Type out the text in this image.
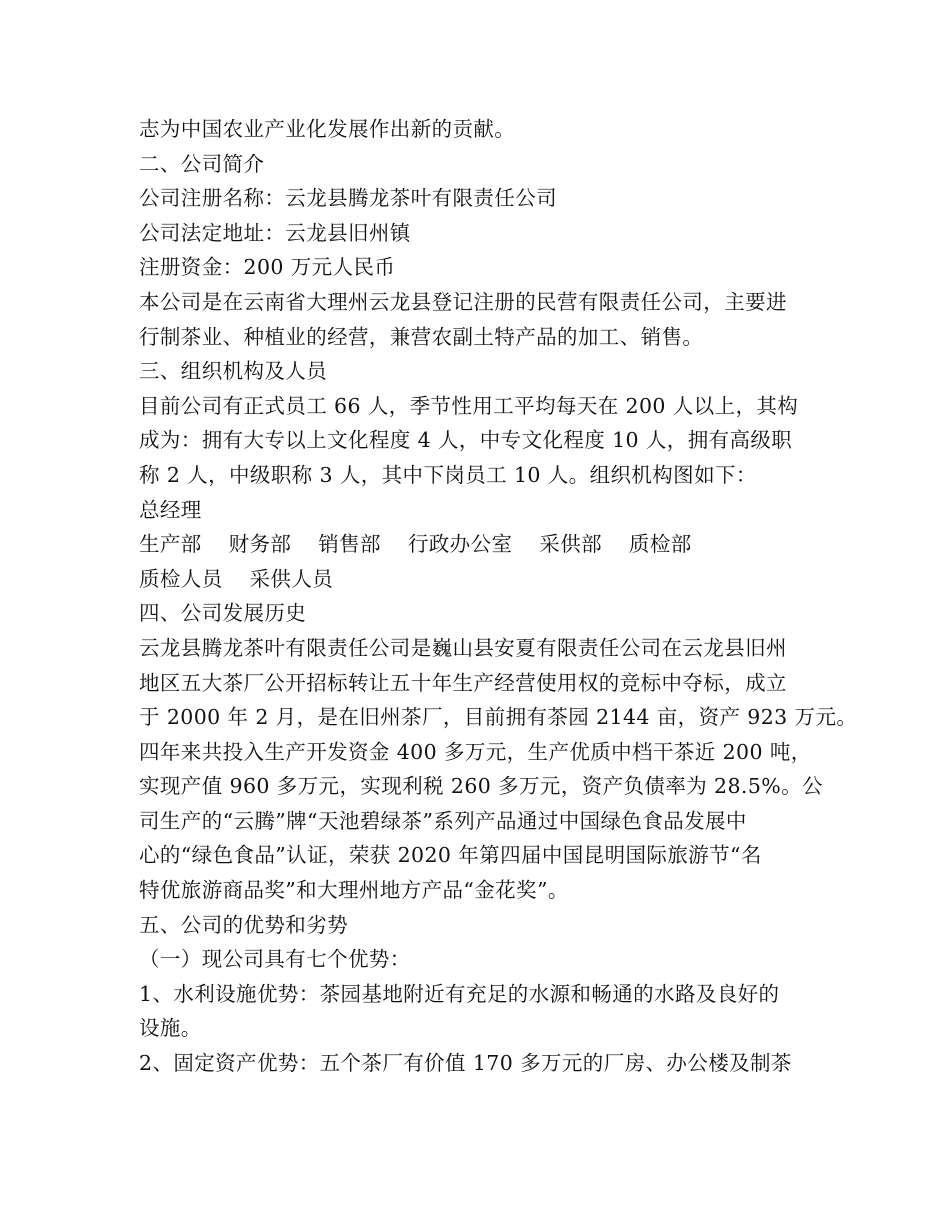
志为中国农业产业化发展作出新的贡献。
二、公司简介
公司注册名称：云龙县腾龙茶叶有限责任公司
公司法定地址：云龙县旧州镇
注册资金：200 万元人民币
本公司是在云南省大理州云龙县登记注册的民营有限责任公司，主要进
行制茶业、种植业的经营，兼营农副土特产品的加工、销售。
三、组织机构及人员
目前公司有正式员工 66 人，季节性用工平均每天在 200 人以上，其构
成为：拥有大专以上文化程度 4 人，中专文化程度 10 人，拥有高级职
称 2 人，中级职称 3 人，其中下岗员工 10 人。组织机构图如下：
总经理
生产部 财务部 销售部 行政办公室 采供部 质检部
质检人员 采供人员
四、公司发展历史
云龙县腾龙茶叶有限责任公司是巍山县安夏有限责任公司在云龙县旧州
地区五大茶厂公开招标转让五十年生产经营使用权的竞标中夺标，成立
于 2000 年 2 月，是在旧州茶厂，目前拥有茶园 2144 亩，资产 923 万元。
四年来共投入生产开发资金 400 多万元，生产优质中档干茶近 200 吨，
实现产值 960 多万元，实现利税 260 多万元，资产负债率为 28.5%。公
司生产的“云腾”牌“天池碧绿茶”系列产品通过中国绿色食品发展中
心的“绿色食品”认证，荣获 2020 年第四届中国昆明国际旅游节“名
特优旅游商品奖”和大理州地方产品“金花奖”。
五、公司的优势和劣势
（一）现公司具有七个优势：
1、水利设施优势：茶园基地附近有充足的水源和畅通的水路及良好的
设施。
2、固定资产优势：五个茶厂有价值 170 多万元的厂房、办公楼及制茶
